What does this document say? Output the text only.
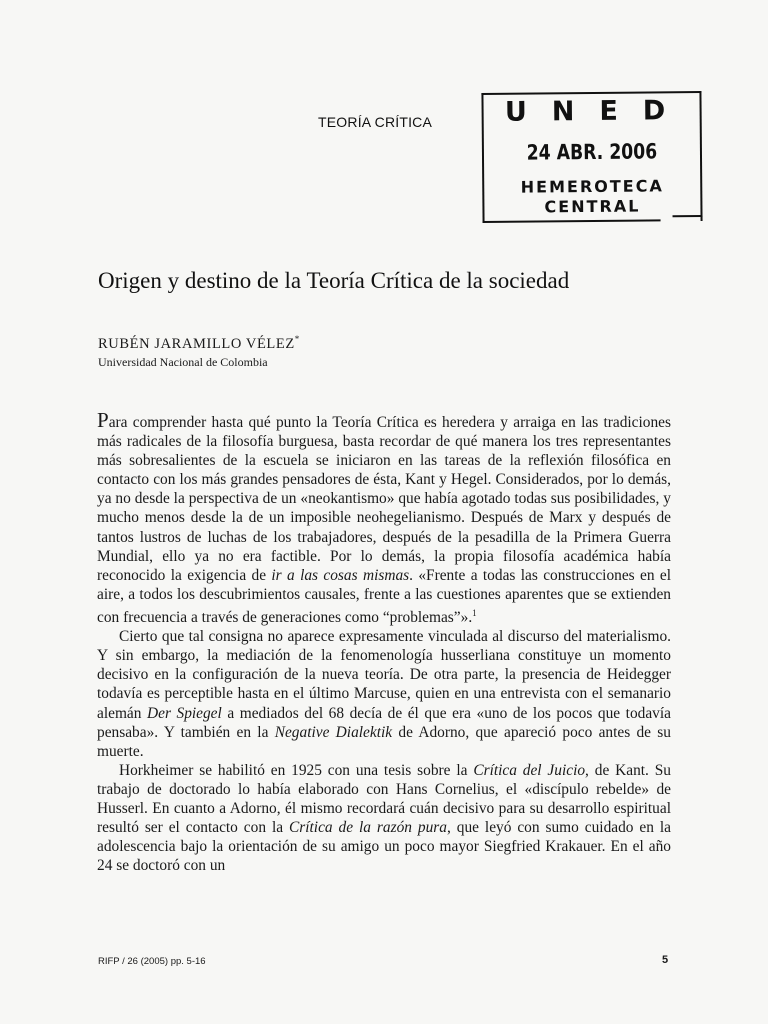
TEORÍA CRÍTICA	UNED
24 ABR. 2006
HEMEROTECA
CENTRAL
Origen y destino de la Teoría Crítica de la sociedad
RUBÉN JARAMILLO VÉLEZ*
Universidad Nacional de Colombia

Para comprender hasta qué punto la Teoría Crítica es heredera y arraiga en las tradiciones más radicales de la filosofía burguesa, basta recordar de qué manera los tres representantes más sobresalientes de la escuela se iniciaron en las tareas de la reflexión filosófica en contacto con los más grandes pensadores de ésta, Kant y Hegel. Considerados, por lo demás, ya no desde la perspectiva de un «neokantismo» que había agotado todas sus posibilidades, y mucho menos desde la de un imposible neohegelianismo. Después de Marx y después de tantos lustros de luchas de los trabajadores, después de la pesadilla de la Primera Guerra Mundial, ello ya no era factible. Por lo demás, la propia filosofía académica había reconocido la exigencia de ir a las cosas mismas. «Frente a todas las construcciones en el aire, a todos los descubrimientos causales, frente a las cuestiones aparentes que se extienden con frecuencia a través de generaciones como “problemas”».$^1$

Cierto que tal consigna no aparece expresamente vinculada al discurso del materialismo. Y sin embargo, la mediación de la fenomenología husserliana constituye un momento decisivo en la configuración de la nueva teoría. De otra parte, la presencia de Heidegger todavía es perceptible hasta en el último Marcuse, quien en una entrevista con el semanario alemán Der Spiegel a mediados del 68 decía de él que era «uno de los pocos que todavía pensaba». Y también en la Negative Dialektik de Adorno, que apareció poco antes de su muerte.

Horkheimer se habilitó en 1925 con una tesis sobre la Crítica del Juicio, de Kant. Su trabajo de doctorado lo había elaborado con Hans Cornelius, el «discípulo rebelde» de Husserl. En cuanto a Adorno, él mismo recordará cuán decisivo para su desarrollo espiritual resultó ser el contacto con la Crítica de la razón pura, que leyó con sumo cuidado en la adolescencia bajo la orientación de su amigo un poco mayor Siegfried Krakauer. En el año 24 se doctoró con un

RIFP / 26 (2005) pp. 5-16	5
